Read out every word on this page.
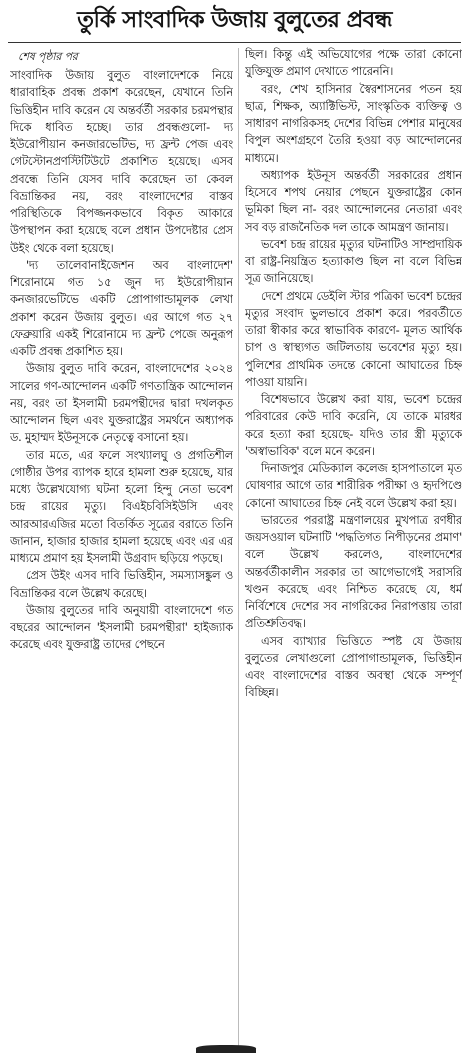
তুর্কি সাংবাদিক উজায় বুলুতের প্রবন্ধ
শেষ পৃষ্ঠার পর

সাংবাদিক উজায় বুলুত বাংলাদেশকে নিয়ে ধারাবাহিক প্রবন্ধ প্রকাশ করেছেন, যেখানে তিনি ভিত্তিহীন দাবি করেন যে অন্তর্বর্তী সরকার চরমপন্থার দিকে ধাবিত হচ্ছে। তার প্রবন্ধগুলো- দ্য ইউরোপীয়ান কনজারভেটিভ, দ্য ফ্রন্ট পেজ এবং গেটস্টোনপ্রণস্টিটিউটে প্রকাশিত হয়েছে। এসব প্রবন্ধে তিনি যেসব দাবি করেছেন তা কেবল বিভ্রান্তিকর নয়, বরং বাংলাদেশের বাস্তব পরিস্থিতিকে বিপজ্জনকভাবে বিকৃত আকারে উপস্থাপন করা হয়েছে বলে প্রধান উপদেষ্টার প্রেস উইং থেকে বলা হয়েছে।

'দ্য তালেবানাইজেশন অব বাংলাদেশ' শিরোনামে গত ১৫ জুন দ্য ইউরোপীয়ান কনজারভেটিভে একটি প্রোপাগান্ডামূলক লেখা প্রকাশ করেন উজায় বুলুত। এর আগে গত ২৭ ফেব্রুয়ারি একই শিরোনামে দ্য ফ্রন্ট পেজে অনুরূপ একটি প্রবন্ধ প্রকাশিত হয়।

উজায় বুলুত দাবি করেন, বাংলাদেশের ২০২৪ সালের গণ-আন্দোলন একটি গণতান্ত্রিক আন্দোলন নয়, বরং তা ইসলামী চরমপন্থীদের দ্বারা দখলকৃত আন্দোলন ছিল এবং যুক্তরাষ্ট্রের সমর্থনে অধ্যাপক ড. মুহাম্মদ ইউনূসকে নেতৃত্বে বসানো হয়।

তার মতে, এর ফলে সংখ্যালঘু ও প্রগতিশীল গোষ্ঠীর উপর ব্যাপক হারে হামলা শুরু হয়েছে, যার মধ্যে উল্লেখযোগ্য ঘটনা হলো হিন্দু নেতা ভবেশ চন্দ্র রায়ের মৃত্যু। বিএইচবিসিইউসি এবং আরআরএজির মতো বিতর্কিত সূত্রের বরাতে তিনি জানান, হাজার হাজার হামলা হয়েছে এবং এর এর মাধ্যমে প্রমাণ হয় ইসলামী উগ্রবাদ ছড়িয়ে পড়ছে।

প্রেস উইং এসব দাবি ভিত্তিহীন, সমস্যাসঙ্কুল ও বিভ্রান্তিকর বলে উল্লেখ করেছে।

উজায় বুলুতের দাবি অনুযায়ী বাংলাদেশে গত বছরের আন্দোলন 'ইসলামী চরমপন্থীরা' হাইজ্যাক করেছে এবং যুক্তরাষ্ট্র তাদের পেছনে

ছিল। কিন্তু এই অভিযোগের পক্ষে তারা কোনো যুক্তিযুক্ত প্রমাণ দেখাতে পারেননি।

বরং, শেখ হাসিনার স্বৈরশাসনের পতন হয় ছাত্র, শিক্ষক, অ্যাক্টিভিস্ট, সাংস্কৃতিক ব্যক্তিত্ব ও সাধারণ নাগরিকসহ দেশের বিভিন্ন পেশার মানুষের বিপুল অংশগ্রহণে তৈরি হওয়া বড় আন্দোলনের মাধ্যমে।

অধ্যাপক ইউনূস অন্তর্বর্তী সরকারের প্রধান হিসেবে শপথ নেয়ার পেছনে যুক্তরাষ্ট্রের কোন ভূমিকা ছিল না- বরং আন্দোলনের নেতারা এবং সব বড় রাজনৈতিক দল তাকে আমন্ত্রণ জানায়।

ভবেশ চন্দ্র রায়ের মৃত্যুর ঘটনাটিও সাম্প্রদায়িক বা রাষ্ট্র-নিয়ন্ত্রিত হত্যাকাণ্ড ছিল না বলে বিভিন্ন সূত্র জানিয়েছে।

দেশে প্রথমে ডেইলি স্টার পত্রিকা ভবেশ চন্দ্রের মৃত্যুর সংবাদ ভুলভাবে প্রকাশ করে। পরবর্তীতে তারা স্বীকার করে স্বাভাবিক কারণে- মূলত আর্থিক চাপ ও স্বাস্থ্যগত জটিলতায় ভবেশের মৃত্যু হয়। পুলিশের প্রাথমিক তদন্তে কোনো আঘাতের চিহ্ন পাওয়া যায়নি।

বিশেষভাবে উল্লেখ করা যায়, ভবেশ চন্দ্রের পরিবারের কেউ দাবি করেনি, যে তাকে মারধর করে হত্যা করা হয়েছে- যদিও তার স্ত্রী মৃত্যুকে 'অস্বাভাবিক' বলে মনে করেন।

দিনাজপুর মেডিক্যাল কলেজ হাসপাতালে মৃত ঘোষণার আগে তার শারীরিক পরীক্ষা ও হৃদপিণ্ডে কোনো আঘাতের চিহ্ন নেই বলে উল্লেখ করা হয়।

ভারতের পররাষ্ট্র মন্ত্রণালয়ের মুখপাত্র রণধীর জয়সওয়াল ঘটনাটি 'পদ্ধতিগত নিপীড়নের প্রমাণ' বলে উল্লেখ করলেও, বাংলাদেশের অন্তর্বর্তীকালীন সরকার তা আগেভাগেই সরাসরি খণ্ডন করেছে এবং নিশ্চিত করেছে যে, ধর্ম নির্বিশেষে দেশের সব নাগরিকের নিরাপত্তায় তারা প্রতিশ্রুতিবদ্ধ।

এসব ব্যাখ্যার ভিত্তিতে স্পষ্ট যে উজায় বুলুতের লেখাগুলো প্রোপাগান্ডামূলক, ভিত্তিহীন এবং বাংলাদেশের বাস্তব অবস্থা থেকে সম্পূর্ণ বিচ্ছিন্ন।
